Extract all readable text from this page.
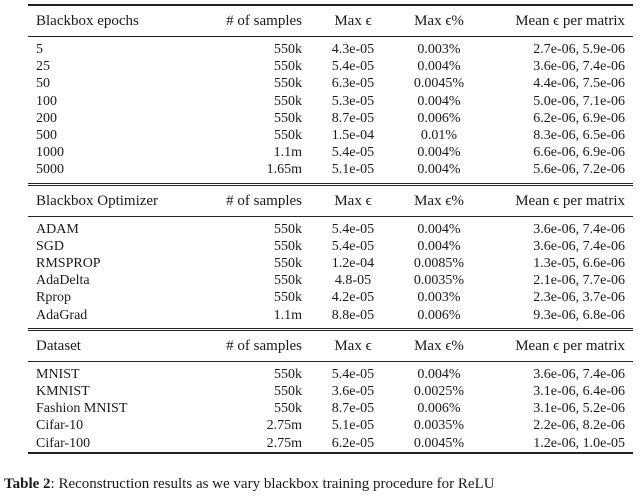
Blackbox epochs	# of samples	Max ϵ	Max ϵ%	Mean ϵ per matrix

5	550k	4.3e-05	0.003%	2.7e-06, 5.9e-06
25	550k	5.4e-05	0.004%	3.6e-06, 7.4e-06
50	550k	6.3e-05	0.0045%	4.4e-06, 7.5e-06
100	550k	5.3e-05	0.004%	5.0e-06, 7.1e-06
200	550k	8.7e-05	0.006%	6.2e-06, 6.9e-06
500	550k	1.5e-04	0.01%	8.3e-06, 6.5e-06
1000	1.1m	5.4e-05	0.004%	6.6e-06, 6.9e-06
5000	1.65m	5.1e-05	0.004%	5.6e-06, 7.2e-06

Blackbox Optimizer	# of samples	Max ϵ	Max ϵ%	Mean ϵ per matrix

ADAM	550k	5.4e-05	0.004%	3.6e-06, 7.4e-06
SGD	550k	5.4e-05	0.004%	3.6e-06, 7.4e-06
RMSPROP	550k	1.2e-04	0.0085%	1.3e-05, 6.6e-06
AdaDelta	550k	4.8-05	0.0035%	2.1e-06, 7.7e-06
Rprop	550k	4.2e-05	0.003%	2.3e-06, 3.7e-06
AdaGrad	1.1m	8.8e-05	0.006%	9.3e-06, 6.8e-06

Dataset	# of samples	Max ϵ	Max ϵ%	Mean ϵ per matrix

MNIST	550k	5.4e-05	0.004%	3.6e-06, 7.4e-06
KMNIST	550k	3.6e-05	0.0025%	3.1e-06, 6.4e-06
Fashion MNIST	550k	8.7e-05	0.006%	3.1e-06, 5.2e-06
Cifar-10	2.75m	5.1e-05	0.0035%	2.2e-06, 8.2e-06
Cifar-100	2.75m	6.2e-05	0.0045%	1.2e-06, 1.0e-05
Table 2: Reconstruction results as we vary blackbox training procedure for ReLU
